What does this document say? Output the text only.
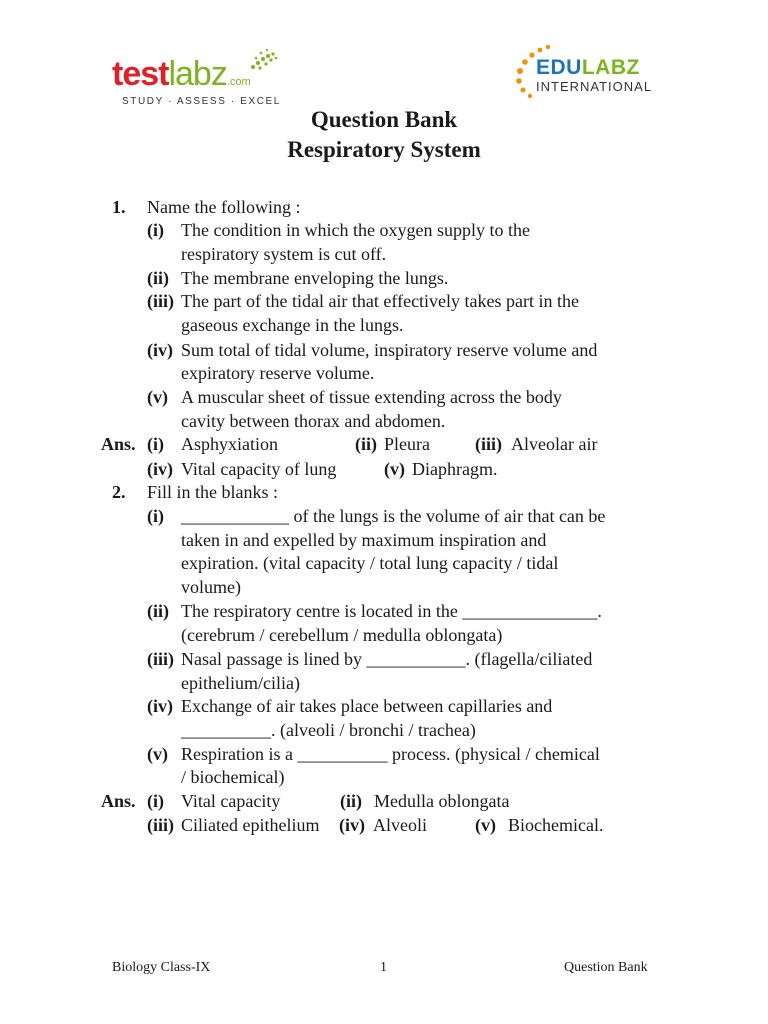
testlabz.com
STUDY · ASSESS · EXCEL
EDULABZ
INTERNATIONAL
Question Bank
Respiratory System
1. Name the following :
(i) The condition in which the oxygen supply to the
respiratory system is cut off.
(ii) The membrane enveloping the lungs.
(iii) The part of the tidal air that effectively takes part in the
gaseous exchange in the lungs.
(iv) Sum total of tidal volume, inspiratory reserve volume and
expiratory reserve volume.
(v) A muscular sheet of tissue extending across the body
cavity between thorax and abdomen.
Ans. (i) Asphyxiation	(ii) Pleura	(iii) Alveolar air
(iv) Vital capacity of lung	(v) Diaphragm.
2. Fill in the blanks :
(i) ____________ of the lungs is the volume of air that can be
taken in and expelled by maximum inspiration and
expiration. (vital capacity / total lung capacity / tidal
volume)
(ii) The respiratory centre is located in the _______________.
(cerebrum / cerebellum / medulla oblongata)
(iii) Nasal passage is lined by ___________. (flagella/ciliated
epithelium/cilia)
(iv) Exchange of air takes place between capillaries and
__________. (alveoli / bronchi / trachea)
(v) Respiration is a __________ process. (physical / chemical
/ biochemical)
Ans. (i) Vital capacity	(ii) Medulla oblongata
(iii) Ciliated epithelium (iv) Alveoli	(v) Biochemical.
Biology Class-IX	1	Question Bank
